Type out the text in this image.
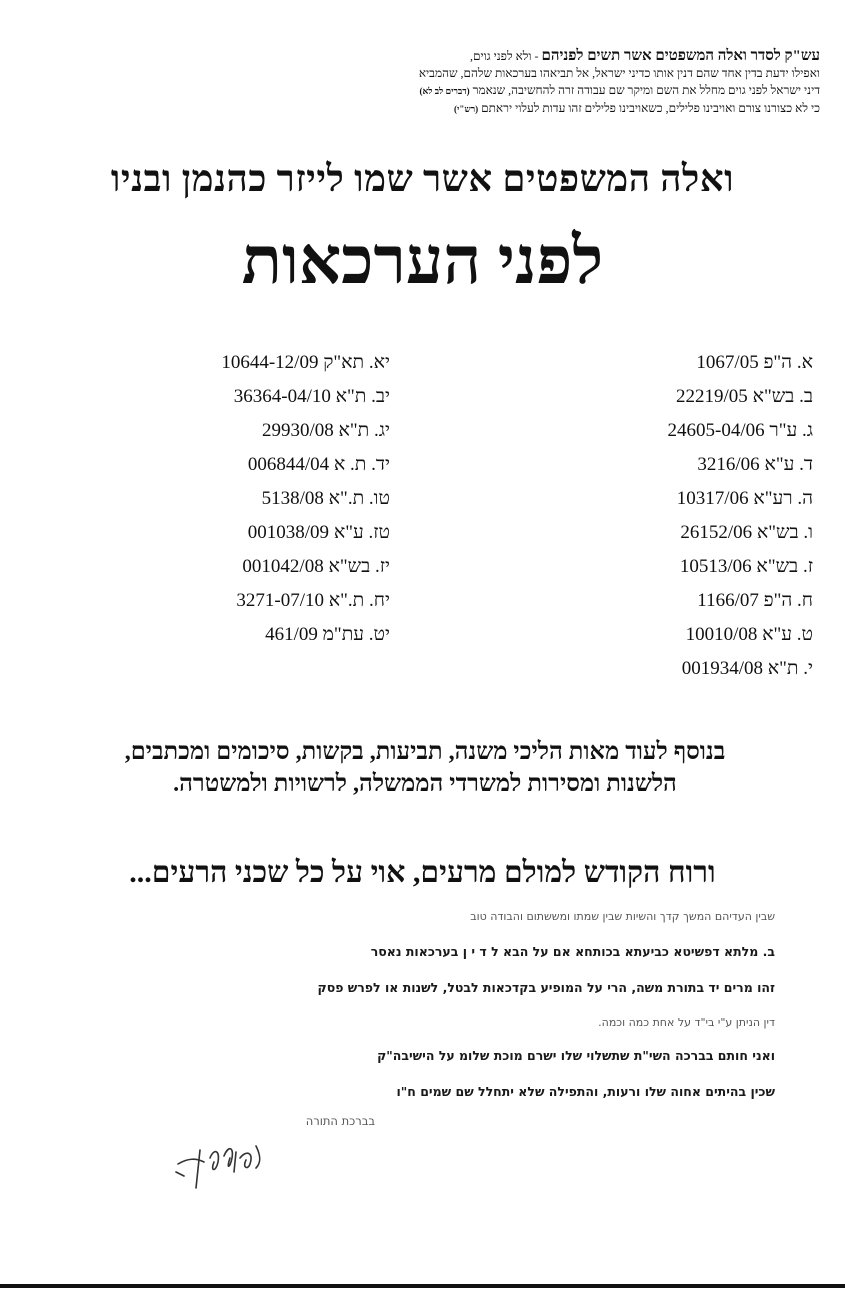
עש"ק לסדר ואלה המשפטים אשר תשים לפניהם - ולא לפני גוים,
ואפילו ידעת בדין אחד שהם דנין אותו כדיני ישראל, אל תביאהו בערכאות שלהם, שהמביא
דיני ישראל לפני גוים מחלל את השם ומיקר שם עבודה זרה להחשיבה, שנאמר (דברים לב לא)
כי לא כצורנו צורם ואויבינו פלילים, כשאויבינו פלילים זהו עדות לעלוי יראתם (רש"י)
ואלה המשפטים אשר שמו לייזר כהנמן ובניו
לפני הערכאות
א. ה"פ 1067/05
ב. בש"א 22219/05
ג. ע"ר 24605-04/06
ד. ע"א 3216/06
ה. רע"א 10317/06
ו. בש"א 26152/06
ז. בש"א 10513/06
ח. ה"פ 1166/07
ט. ע"א 10010/08
י. ת"א 001934/08
יא. תא"ק 10644-12/09
יב. ת"א 36364-04/10
יג. ת"א 29930/08
יד. ת. א 006844/04
טו. ת."א 5138/08
טז. ע"א 001038/09
יז. בש"א 001042/08
יח. ת."א 3271-07/10
יט. עת"מ 461/09
בנוסף לעוד מאות הליכי משנה, תביעות, בקשות, סיכומים ומכתבים,
הלשנות ומסירות למשרדי הממשלה, לרשויות ולמשטרה.
ורוח הקודש למולם מרעים, אוי על כל שכני הרעים...
שבין העדיהם המשך קדך והשיות שבין שמתו ומששתום והבודה טוב
ב. מלתא דפשיטא כביעתא בכותחא אם על הבא ל ד י ן בערכאות נאסר
זהו מרים יד בתורת משה, הרי על המופיע בקדכאות לבטל, לשנות או לפרש פסק
דין הניתן ע"י בי"ד על אחת כמה וכמה.
ואני חותם בברכה השי"ת שתשלוי שלו ישרם מוכת שלומ על הישיבה"ק
שכין בהיתים אחוה שלו ורעות, והתפילה שלא יתחלל שם שמים ח"ו
בברכת התורה
